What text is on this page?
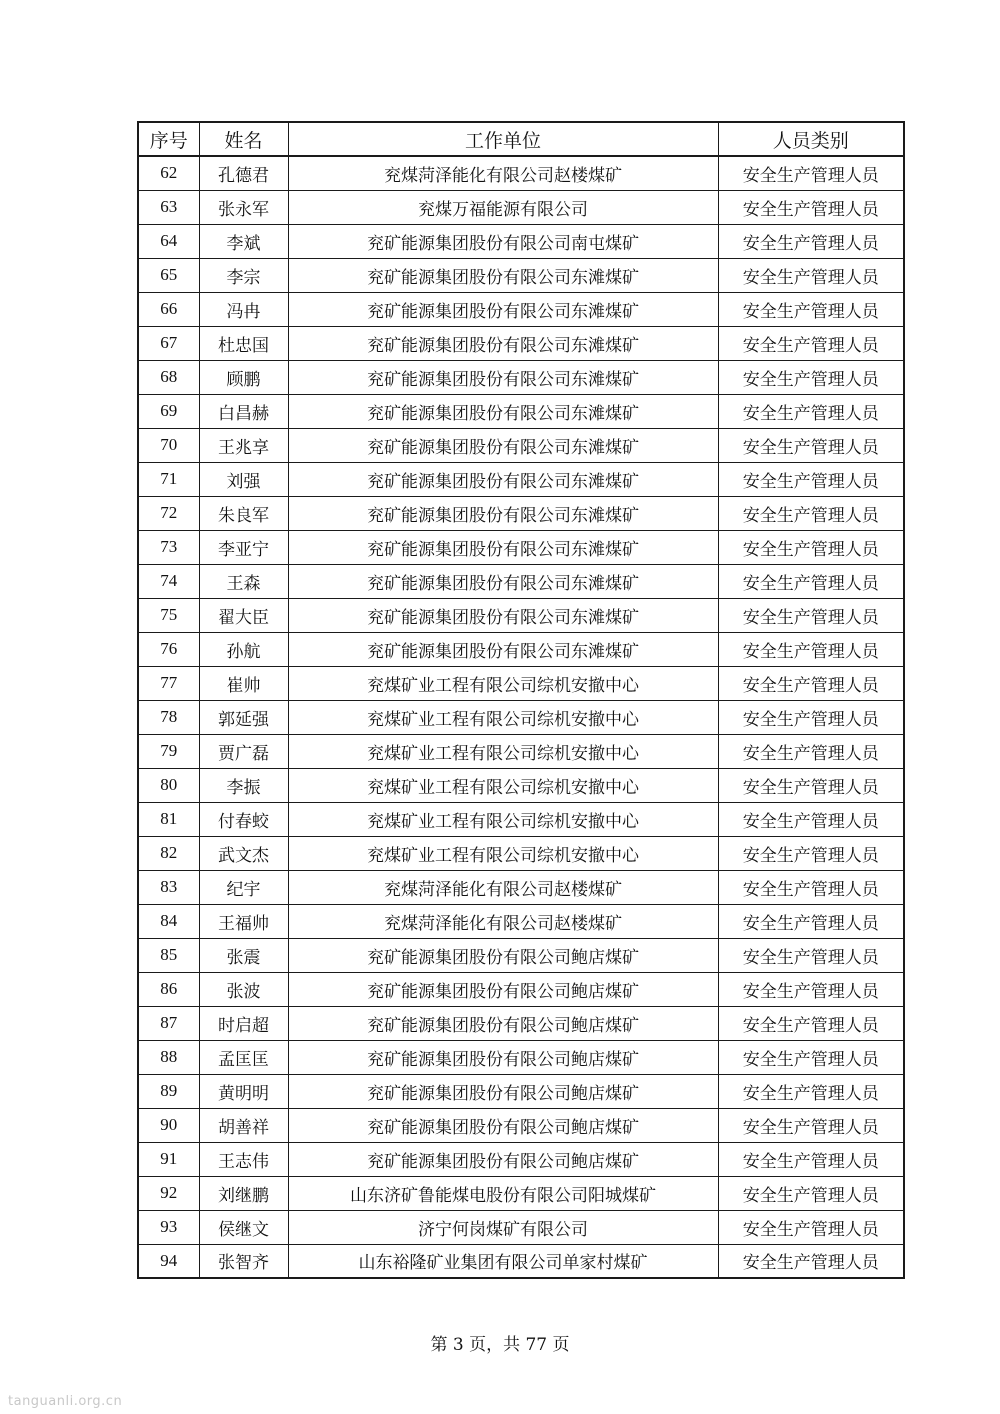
序号	姓名	工作单位	人员类别
62	孔德君	兖煤菏泽能化有限公司赵楼煤矿	安全生产管理人员
63	张永军	兖煤万福能源有限公司	安全生产管理人员
64	李斌	兖矿能源集团股份有限公司南屯煤矿	安全生产管理人员
65	李宗	兖矿能源集团股份有限公司东滩煤矿	安全生产管理人员
66	冯冉	兖矿能源集团股份有限公司东滩煤矿	安全生产管理人员
67	杜忠国	兖矿能源集团股份有限公司东滩煤矿	安全生产管理人员
68	顾鹏	兖矿能源集团股份有限公司东滩煤矿	安全生产管理人员
69	白昌赫	兖矿能源集团股份有限公司东滩煤矿	安全生产管理人员
70	王兆享	兖矿能源集团股份有限公司东滩煤矿	安全生产管理人员
71	刘强	兖矿能源集团股份有限公司东滩煤矿	安全生产管理人员
72	朱良军	兖矿能源集团股份有限公司东滩煤矿	安全生产管理人员
73	李亚宁	兖矿能源集团股份有限公司东滩煤矿	安全生产管理人员
74	王森	兖矿能源集团股份有限公司东滩煤矿	安全生产管理人员
75	翟大臣	兖矿能源集团股份有限公司东滩煤矿	安全生产管理人员
76	孙航	兖矿能源集团股份有限公司东滩煤矿	安全生产管理人员
77	崔帅	兖煤矿业工程有限公司综机安撤中心	安全生产管理人员
78	郭延强	兖煤矿业工程有限公司综机安撤中心	安全生产管理人员
79	贾广磊	兖煤矿业工程有限公司综机安撤中心	安全生产管理人员
80	李振	兖煤矿业工程有限公司综机安撤中心	安全生产管理人员
81	付春蛟	兖煤矿业工程有限公司综机安撤中心	安全生产管理人员
82	武文杰	兖煤矿业工程有限公司综机安撤中心	安全生产管理人员
83	纪宇	兖煤菏泽能化有限公司赵楼煤矿	安全生产管理人员
84	王福帅	兖煤菏泽能化有限公司赵楼煤矿	安全生产管理人员
85	张震	兖矿能源集团股份有限公司鲍店煤矿	安全生产管理人员
86	张波	兖矿能源集团股份有限公司鲍店煤矿	安全生产管理人员
87	时启超	兖矿能源集团股份有限公司鲍店煤矿	安全生产管理人员
88	孟匡匡	兖矿能源集团股份有限公司鲍店煤矿	安全生产管理人员
89	黄明明	兖矿能源集团股份有限公司鲍店煤矿	安全生产管理人员
90	胡善祥	兖矿能源集团股份有限公司鲍店煤矿	安全生产管理人员
91	王志伟	兖矿能源集团股份有限公司鲍店煤矿	安全生产管理人员
92	刘继鹏	山东济矿鲁能煤电股份有限公司阳城煤矿	安全生产管理人员
93	侯继文	济宁何岗煤矿有限公司	安全生产管理人员
94	张智齐	山东裕隆矿业集团有限公司单家村煤矿	安全生产管理人员
第 3 页，共 77 页
tanguanli.org.cn
